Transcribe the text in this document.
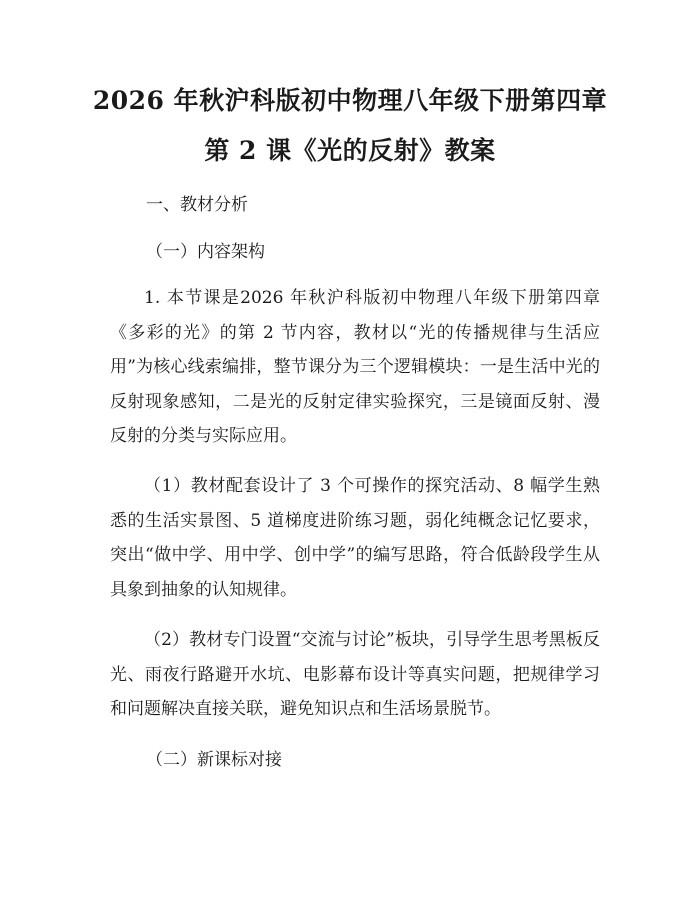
2026 年秋沪科版初中物理八年级下册第四章
第 2 课《光的反射》教案
一、教材分析
（一）内容架构
1. 本节课是2026 年秋沪科版初中物理八年级下册第四章《多彩的光》的第 2 节内容，教材以“光的传播规律与生活应用”为核心线索编排，整节课分为三个逻辑模块：一是生活中光的反射现象感知，二是光的反射定律实验探究，三是镜面反射、漫反射的分类与实际应用。
（1）教材配套设计了 3 个可操作的探究活动、8 幅学生熟悉的生活实景图、5 道梯度进阶练习题，弱化纯概念记忆要求，突出“做中学、用中学、创中学”的编写思路，符合低龄段学生从具象到抽象的认知规律。
（2）教材专门设置“交流与讨论”板块，引导学生思考黑板反光、雨夜行路避开水坑、电影幕布设计等真实问题，把规律学习和问题解决直接关联，避免知识点和生活场景脱节。
（二）新课标对接
